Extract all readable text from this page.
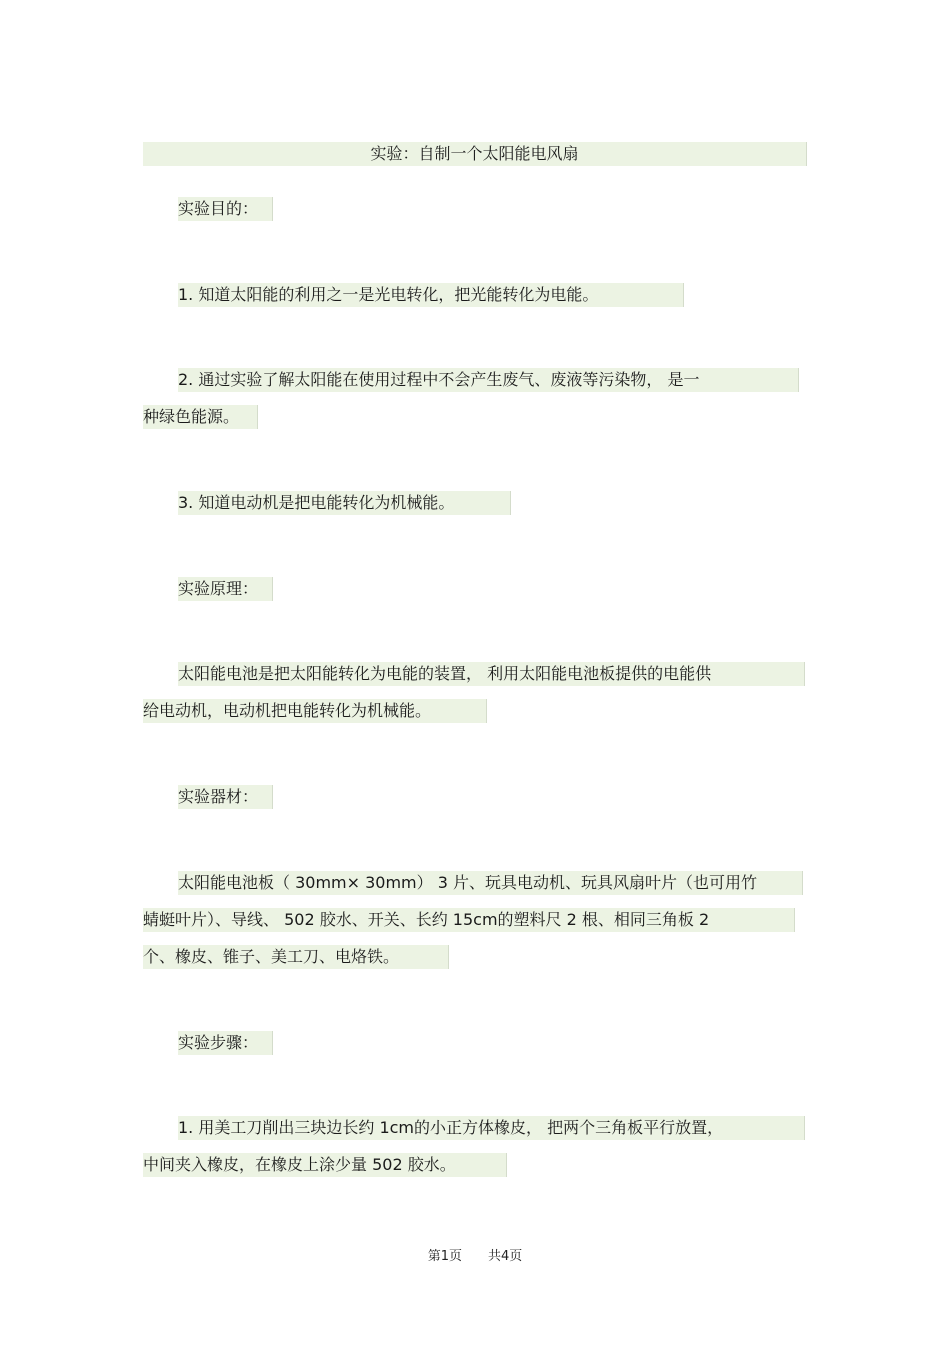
实验：自制一个太阳能电风扇
实验目的：
1. 知道太阳能的利用之一是光电转化，把光能转化为电能。
2. 通过实验了解太阳能在使用过程中不会产生废气、废液等污染物， 是一
种绿色能源。
3. 知道电动机是把电能转化为机械能。
实验原理：
太阳能电池是把太阳能转化为电能的装置， 利用太阳能电池板提供的电能供
给电动机，电动机把电能转化为机械能。
实验器材：
太阳能电池板（ 30mm× 30mm） 3 片、玩具电动机、玩具风扇叶片（也可用竹
蜻蜓叶片）、导线、 502 胶水、开关、长约 15cm的塑料尺 2 根、相同三角板 2
个、橡皮、锥子、美工刀、电烙铁。
实验步骤：
1. 用美工刀削出三块边长约 1cm的小正方体橡皮， 把两个三角板平行放置，
中间夹入橡皮，在橡皮上涂少量 502 胶水。
第1页 共4页
